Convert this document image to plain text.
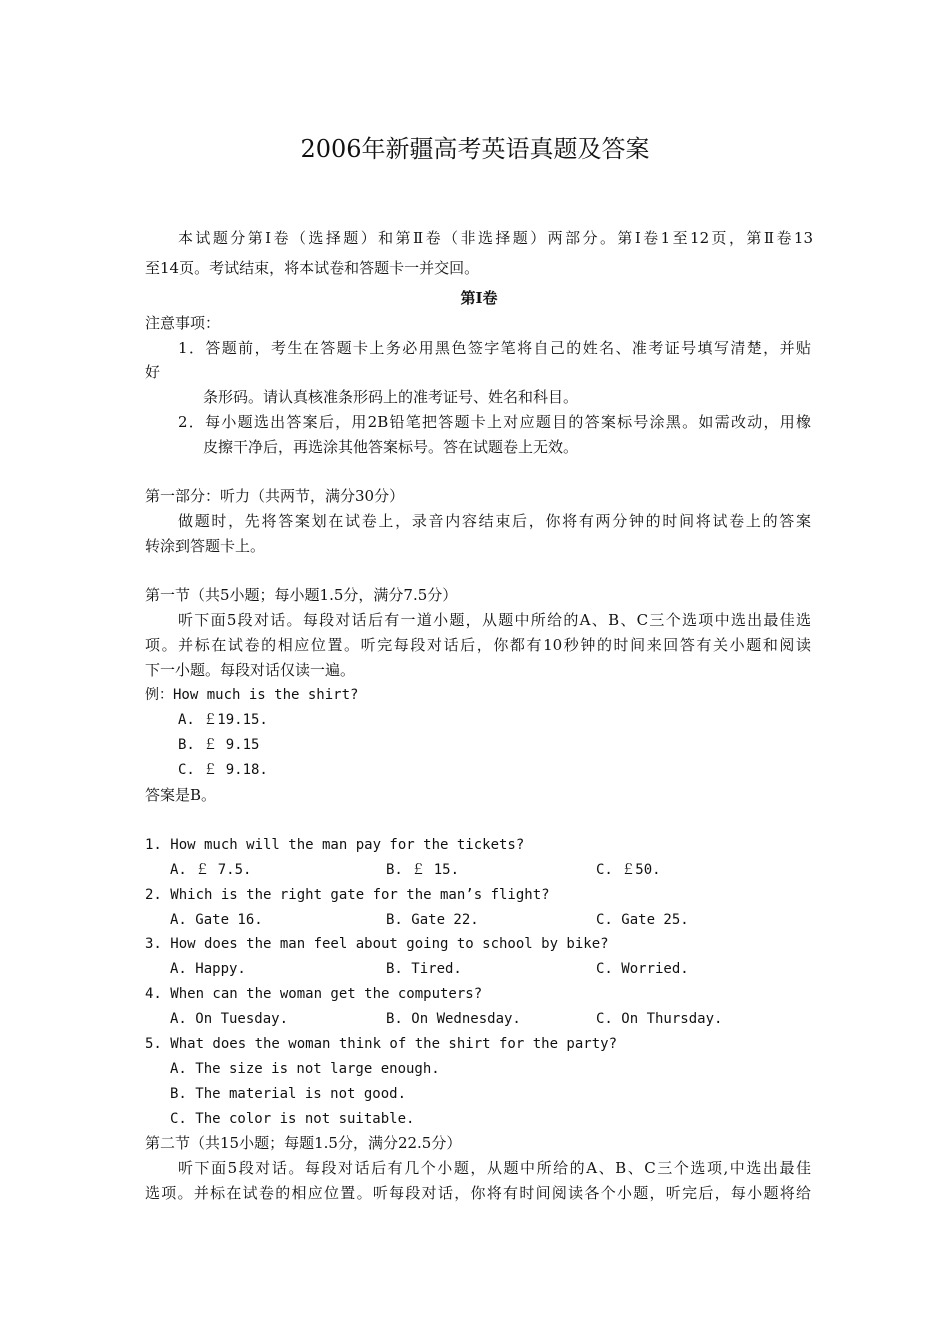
2006年新疆高考英语真题及答案
本试题分第Ⅰ卷（选择题）和第Ⅱ卷（非选择题）两部分。第Ⅰ卷1至12页，第Ⅱ卷13
至14页。考试结束，将本试卷和答题卡一并交回。
第Ⅰ卷
注意事项：
1．答题前，考生在答题卡上务必用黑色签字笔将自己的姓名、准考证号填写清楚，并贴
好
条形码。请认真核准条形码上的准考证号、姓名和科目。
2．每小题选出答案后，用2B铅笔把答题卡上对应题目的答案标号涂黑。如需改动，用橡
皮擦干净后，再选涂其他答案标号。答在试题卷上无效。
第一部分：听力（共两节，满分30分）
做题时，先将答案划在试卷上，录音内容结束后，你将有两分钟的时间将试卷上的答案
转涂到答题卡上。
第一节（共5小题；每小题1.5分，满分7.5分）
听下面5段对话。每段对话后有一道小题，从题中所给的A、B、C三个选项中选出最佳选
项。并标在试卷的相应位置。听完每段对话后，你都有10秒钟的时间来回答有关小题和阅读
下一小题。每段对话仅读一遍。
例：How much is the shirt?
A. ￡19.15.
B. ￡ 9.15
C. ￡ 9.18.
答案是B。
1. How much will the man pay for the tickets?
A. ￡ 7.5.	B. ￡ 15.	C. ￡50.
2. Which is the right gate for the man’s flight?
A. Gate 16.	B. Gate 22.	C. Gate 25.
3. How does the man feel about going to school by bike?
A. Happy.	B. Tired.	C. Worried.
4. When can the woman get the computers?
A. On Tuesday.	B. On Wednesday.	C. On Thursday.
5. What does the woman think of the shirt for the party?
A. The size is not large enough.
B. The material is not good.
C. The color is not suitable.
第二节（共15小题；每题1.5分，满分22.5分）
听下面5段对话。每段对话后有几个小题，从题中所给的A、B、C三个选项,中选出最佳
选项。并标在试卷的相应位置。听每段对话，你将有时间阅读各个小题，听完后，每小题将给
